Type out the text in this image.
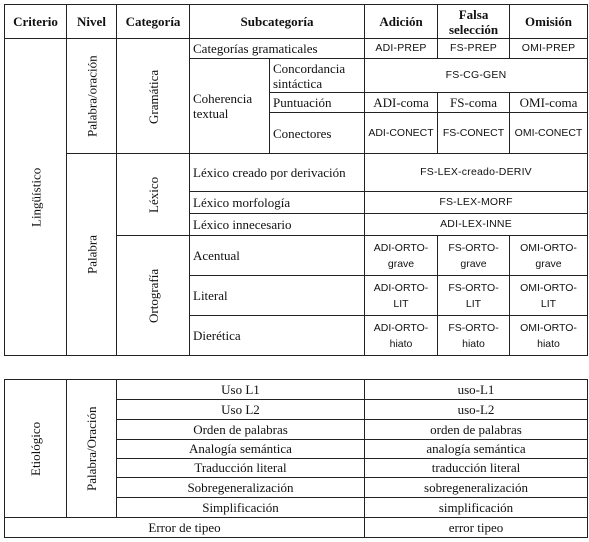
Criterio	Nivel	Categoría	Subcategoría		Adición	Falsa selección	Omisión
Lingüístico	Palabra/oración	Gramática	Categorías gramaticales		ADI-PREP	FS-PREP	OMI-PREP
			Coherencia textual	Concordancia sintáctica	FS-CG-GEN		
				Puntuación	ADI-coma	FS-coma	OMI-coma
				Conectores	ADI-CONECT	FS-CONECT	OMI-CONECT
	Palabra	Léxico	Léxico creado por derivación		FS-LEX-creado-DERIV		
			Léxico morfología		FS-LEX-MORF		
			Léxico innecesario		ADI-LEX-INNE		
		Ortografía	Acentual		ADI-ORTO-grave	FS-ORTO-grave	OMI-ORTO-grave
			Literal		ADI-ORTO-LIT	FS-ORTO-LIT	OMI-ORTO-LIT
			Dierética		ADI-ORTO-hiato	FS-ORTO-hiato	OMI-ORTO-hiato
Etiológico	Palabra/Oración	Uso L1	uso-L1
		Uso L2	uso-L2
		Orden de palabras	orden de palabras
		Analogía semántica	analogía semántica
		Traducción literal	traducción literal
		Sobregeneralización	sobregeneralización
		Simplificación	simplificación
Error de tipeo			error tipeo
